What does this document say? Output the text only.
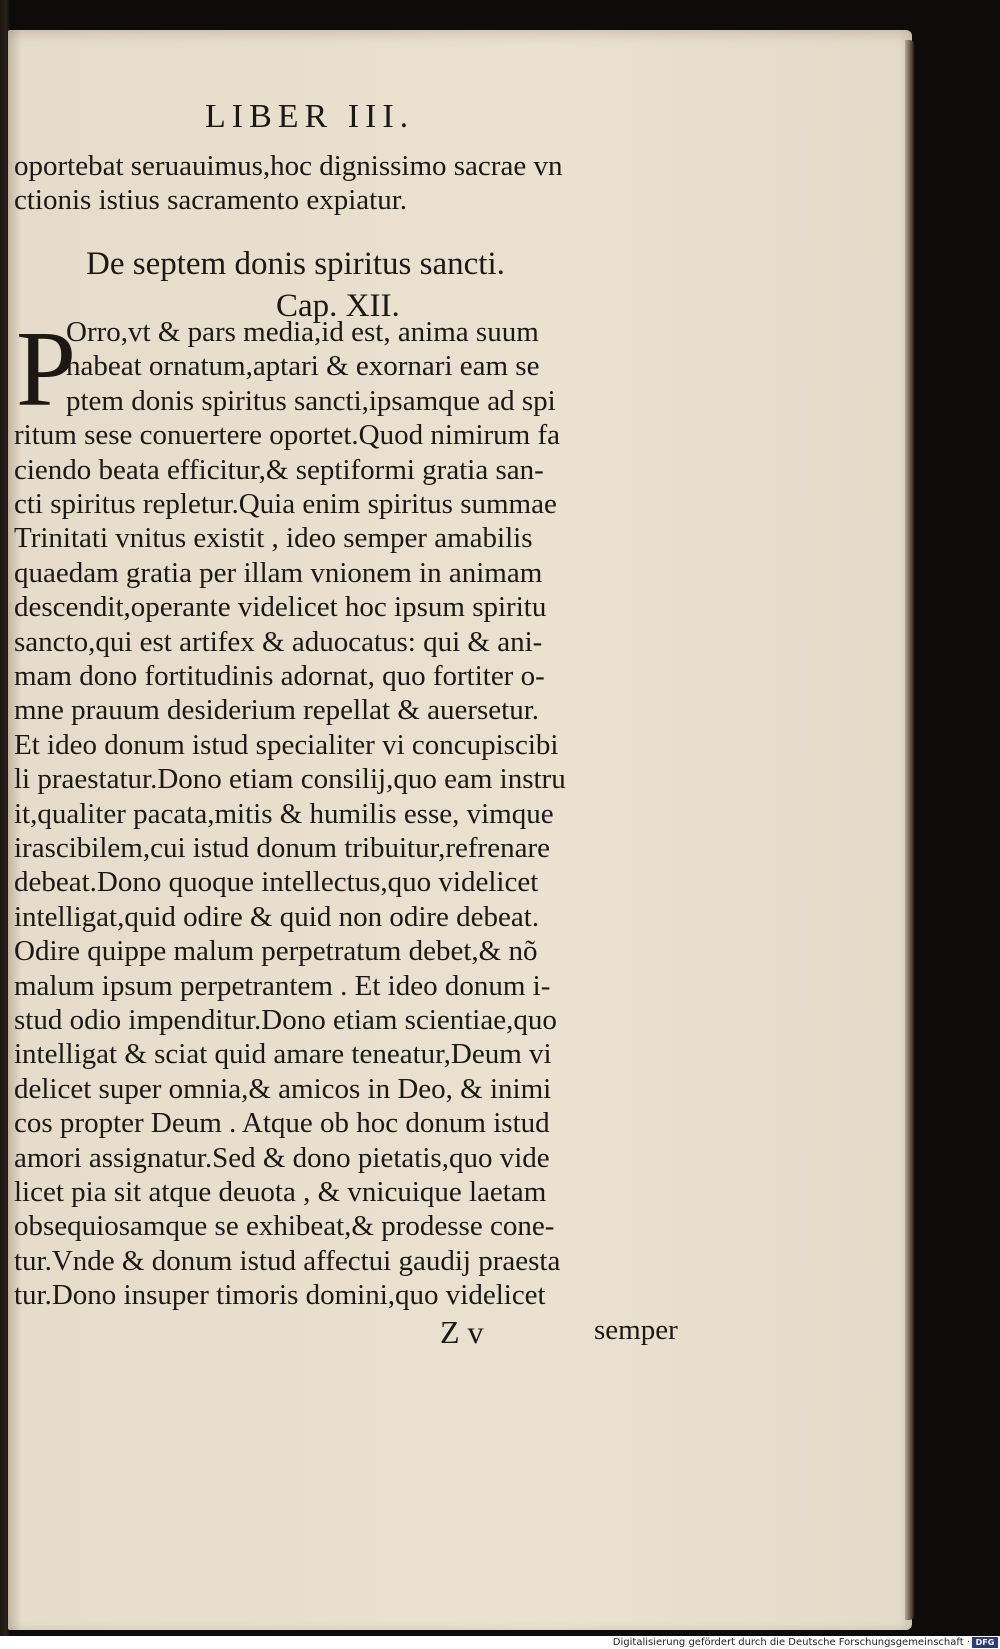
LIBER III.
oportebat seruauimus,hoc dignissimo sacrae vn
ctionis istius sacramento expiatur.
De septem donis spiritus sancti.
Cap. XII.
P
Orro,vt & pars media,id est, anima suum
habeat ornatum,aptari & exornari eam se
ptem donis spiritus sancti,ipsamque ad spi
ritum sese conuertere oportet.Quod nimirum fa
ciendo beata efficitur,& septiformi gratia san-
cti spiritus repletur.Quia enim spiritus summae
Trinitati vnitus existit , ideo semper amabilis
quaedam gratia per illam vnionem in animam
descendit,operante videlicet hoc ipsum spiritu
sancto,qui est artifex & aduocatus: qui & ani-
mam dono fortitudinis adornat, quo fortiter o-
mne prauum desiderium repellat & auersetur.
Et ideo donum istud specialiter vi concupiscibi
li praestatur.Dono etiam consilij,quo eam instru
it,qualiter pacata,mitis & humilis esse, vimque
irascibilem,cui istud donum tribuitur,refrenare
debeat.Dono quoque intellectus,quo videlicet
intelligat,quid odire & quid non odire debeat.
Odire quippe malum perpetratum debet,& nõ
malum ipsum perpetrantem . Et ideo donum i-
stud odio impenditur.Dono etiam scientiae,quo
intelligat & sciat quid amare teneatur,Deum vi
delicet super omnia,& amicos in Deo, & inimi
cos propter Deum . Atque ob hoc donum istud
amori assignatur.Sed & dono pietatis,quo vide
licet pia sit atque deuota , & vnicuique laetam
obsequiosamque se exhibeat,& prodesse cone-
tur.Vnde & donum istud affectui gaudij praesta
tur.Dono insuper timoris domini,quo videlicet
Z v	semper
Digitalisierung gefördert durch die Deutsche Forschungsgemeinschaft · DFG
